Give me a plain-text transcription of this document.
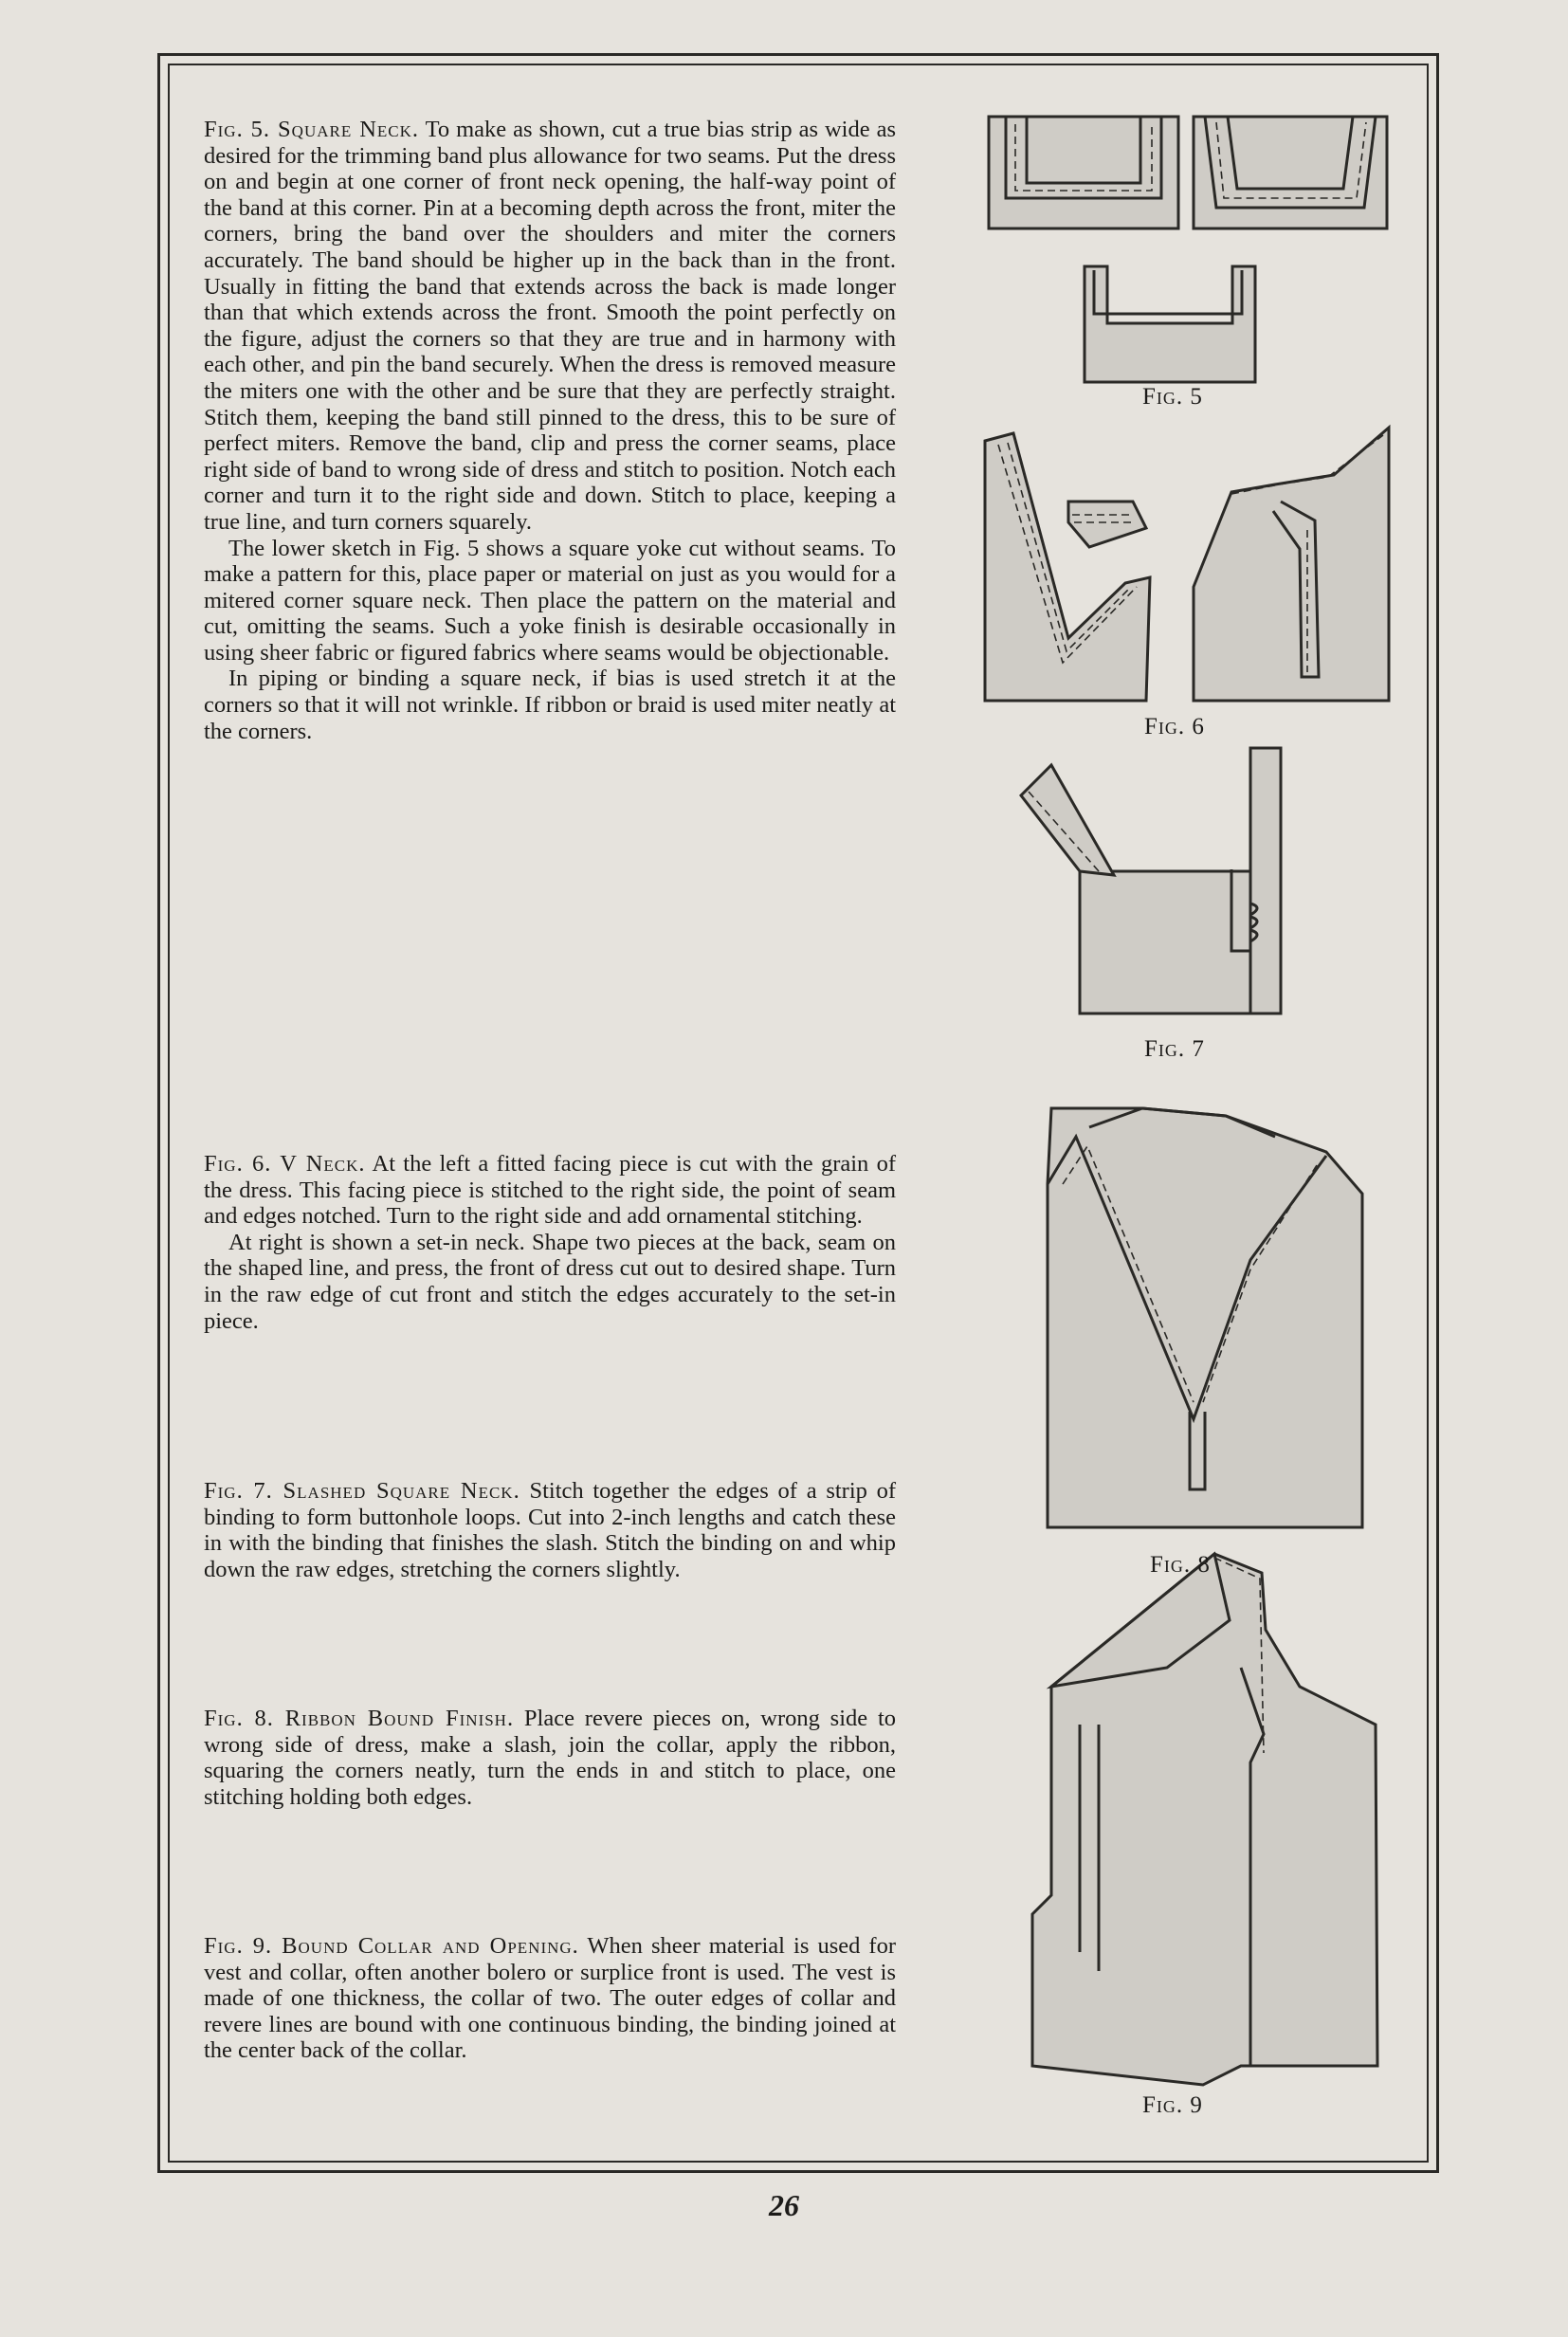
Fig. 5. Square Neck. To make as shown, cut a true bias strip as wide as desired for the trimming band plus allowance for two seams. Put the dress on and begin at one corner of front neck opening, the half-way point of the band at this corner. Pin at a becoming depth across the front, miter the corners, bring the band over the shoulders and miter the corners accurately. The band should be higher up in the back than in the front. Usually in fitting the band that extends across the back is made longer than that which extends across the front. Smooth the point perfectly on the figure, adjust the corners so that they are true and in harmony with each other, and pin the band securely. When the dress is removed measure the miters one with the other and be sure that they are perfectly straight. Stitch them, keeping the band still pinned to the dress, this to be sure of perfect miters. Remove the band, clip and press the corner seams, place right side of band to wrong side of dress and stitch to position. Notch each corner and turn it to the right side and down. Stitch to place, keeping a true line, and turn corners squarely.

The lower sketch in Fig. 5 shows a square yoke cut without seams. To make a pattern for this, place paper or material on just as you would for a mitered corner square neck. Then place the pattern on the material and cut, omitting the seams. Such a yoke finish is desirable occasionally in using sheer fabric or figured fabrics where seams would be objectionable.

In piping or binding a square neck, if bias is used stretch it at the corners so that it will not wrinkle. If ribbon or braid is used miter neatly at the corners.

Fig. 6. V Neck. At the left a fitted facing piece is cut with the grain of the dress. This facing piece is stitched to the right side, the point of seam and edges notched. Turn to the right side and add ornamental stitching.

At right is shown a set-in neck. Shape two pieces at the back, seam on the shaped line, and press, the front of dress cut out to desired shape. Turn in the raw edge of cut front and stitch the edges accurately to the set-in piece.

Fig. 7. Slashed Square Neck. Stitch together the edges of a strip of binding to form buttonhole loops. Cut into 2-inch lengths and catch these in with the binding that finishes the slash. Stitch the binding on and whip down the raw edges, stretching the corners slightly.

Fig. 8. Ribbon Bound Finish. Place revere pieces on, wrong side to wrong side of dress, make a slash, join the collar, apply the ribbon, squaring the corners neatly, turn the ends in and stitch to place, one stitching holding both edges.

Fig. 9. Bound Collar and Opening. When sheer material is used for vest and collar, often another bolero or surplice front is used. The vest is made of one thickness, the collar of two. The outer edges of collar and revere lines are bound with one continuous binding, the binding joined at the center back of the collar.

Fig. 5
Fig. 6
Fig. 7
Fig. 8
Fig. 9
26
